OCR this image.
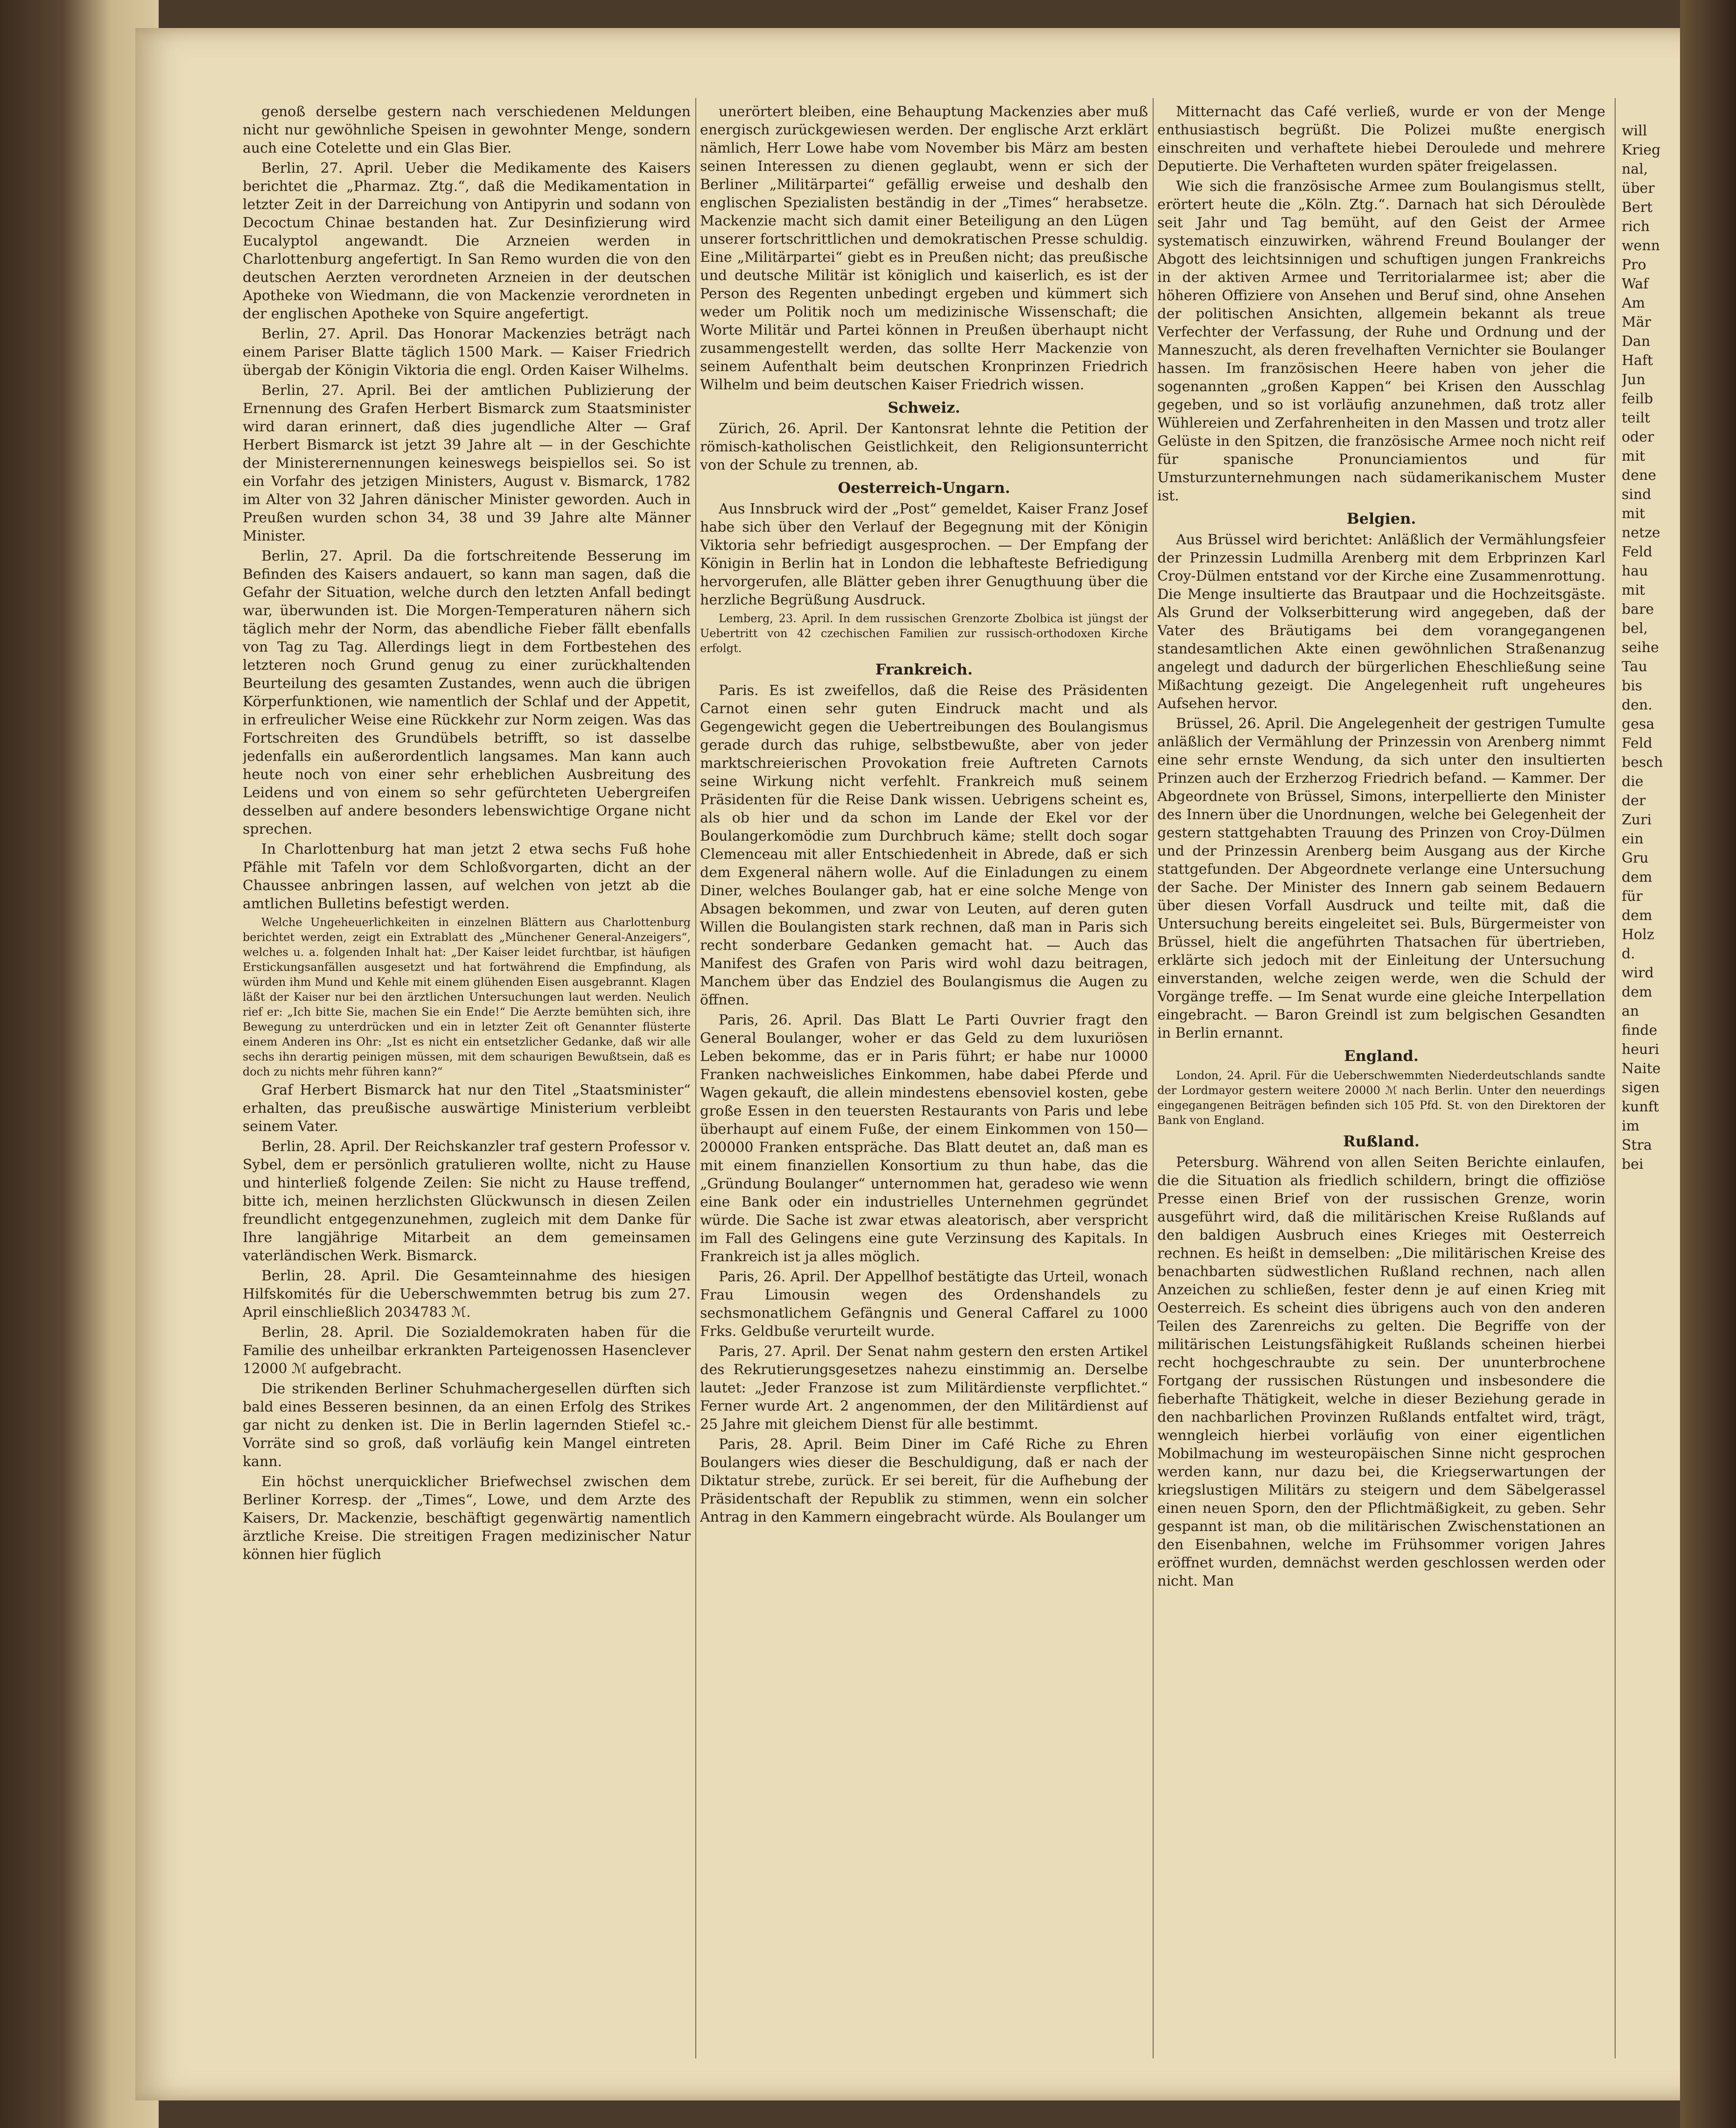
genoß derselbe gestern nach verschiedenen Meldungen nicht nur gewöhnliche Speisen in gewohnter Menge, sondern auch eine Cotelette und ein Glas Bier.

Berlin, 27. April. Ueber die Medikamente des Kaisers berichtet die „Pharmaz. Ztg.“, daß die Medikamentation in letzter Zeit in der Darreichung von Antipyrin und sodann von Decoctum Chinae bestanden hat. Zur Desinfizierung wird Eucalyptol angewandt. Die Arzneien werden in Charlottenburg angefertigt. In San Remo wurden die von den deutschen Aerzten verordneten Arzneien in der deutschen Apotheke von Wiedmann, die von Mackenzie verordneten in der englischen Apotheke von Squire angefertigt.

Berlin, 27. April. Das Honorar Mackenzies beträgt nach einem Pariser Blatte täglich 1500 Mark. — Kaiser Friedrich übergab der Königin Viktoria die engl. Orden Kaiser Wilhelms.

Berlin, 27. April. Bei der amtlichen Publizierung der Ernennung des Grafen Herbert Bismarck zum Staatsminister wird daran erinnert, daß dies jugendliche Alter — Graf Herbert Bismarck ist jetzt 39 Jahre alt — in der Geschichte der Ministerernennungen keineswegs beispiellos sei. So ist ein Vorfahr des jetzigen Ministers, August v. Bismarck, 1782 im Alter von 32 Jahren dänischer Minister geworden. Auch in Preußen wurden schon 34, 38 und 39 Jahre alte Männer Minister.

Berlin, 27. April. Da die fortschreitende Besserung im Befinden des Kaisers andauert, so kann man sagen, daß die Gefahr der Situation, welche durch den letzten Anfall bedingt war, überwunden ist. Die Morgen-Temperaturen nähern sich täglich mehr der Norm, das abendliche Fieber fällt ebenfalls von Tag zu Tag. Allerdings liegt in dem Fortbestehen des letzteren noch Grund genug zu einer zurückhaltenden Beurteilung des gesamten Zustandes, wenn auch die übrigen Körperfunktionen, wie namentlich der Schlaf und der Appetit, in erfreulicher Weise eine Rückkehr zur Norm zeigen. Was das Fortschreiten des Grundübels betrifft, so ist dasselbe jedenfalls ein außerordentlich langsames. Man kann auch heute noch von einer sehr erheblichen Ausbreitung des Leidens und von einem so sehr gefürchteten Uebergreifen desselben auf andere besonders lebenswichtige Organe nicht sprechen.

In Charlottenburg hat man jetzt 2 etwa sechs Fuß hohe Pfähle mit Tafeln vor dem Schloßvorgarten, dicht an der Chaussee anbringen lassen, auf welchen von jetzt ab die amtlichen Bulletins befestigt werden.

Welche Ungeheuerlichkeiten in einzelnen Blättern aus Charlottenburg berichtet werden, zeigt ein Extrablatt des „Münchener General-Anzeigers“, welches u. a. folgenden Inhalt hat: „Der Kaiser leidet furchtbar, ist häufigen Erstickungsanfällen ausgesetzt und hat fortwährend die Empfindung, als würden ihm Mund und Kehle mit einem glühenden Eisen ausgebrannt. Klagen läßt der Kaiser nur bei den ärztlichen Untersuchungen laut werden. Neulich rief er: „Ich bitte Sie, machen Sie ein Ende!“ Die Aerzte bemühten sich, ihre Bewegung zu unterdrücken und ein in letzter Zeit oft Genannter flüsterte einem Anderen ins Ohr: „Ist es nicht ein entsetzlicher Gedanke, daß wir alle sechs ihn derartig peinigen müssen, mit dem schaurigen Bewußtsein, daß es doch zu nichts mehr führen kann?“

Graf Herbert Bismarck hat nur den Titel „Staatsminister“ erhalten, das preußische auswärtige Ministerium verbleibt seinem Vater.

Berlin, 28. April. Der Reichskanzler traf gestern Professor v. Sybel, dem er persönlich gratulieren wollte, nicht zu Hause und hinterließ folgende Zeilen: Sie nicht zu Hause treffend, bitte ich, meinen herzlichsten Glückwunsch in diesen Zeilen freundlicht entgegenzunehmen, zugleich mit dem Danke für Ihre langjährige Mitarbeit an dem gemeinsamen vaterländischen Werk. Bismarck.

Berlin, 28. April. Die Gesamteinnahme des hiesigen Hilfskomités für die Ueberschwemmten betrug bis zum 27. April einschließlich 2034783 ℳ.

Berlin, 28. April. Die Sozialdemokraten haben für die Familie des unheilbar erkrankten Parteigenossen Hasenclever 12000 ℳ aufgebracht.

Die strikenden Berliner Schuhmachergesellen dürften sich bald eines Besseren besinnen, da an einen Erfolg des Strikes gar nicht zu denken ist. Die in Berlin lagernden Stiefel ꝛc.-Vorräte sind so groß, daß vorläufig kein Mangel eintreten kann.

Ein höchst unerquicklicher Briefwechsel zwischen dem Berliner Korresp. der „Times“, Lowe, und dem Arzte des Kaisers, Dr. Mackenzie, beschäftigt gegenwärtig namentlich ärztliche Kreise. Die streitigen Fragen medizinischer Natur können hier füglich

unerörtert bleiben, eine Behauptung Mackenzies aber muß energisch zurückgewiesen werden. Der englische Arzt erklärt nämlich, Herr Lowe habe vom November bis März am besten seinen Interessen zu dienen geglaubt, wenn er sich der Berliner „Militärpartei“ gefällig erweise und deshalb den englischen Spezialisten beständig in der „Times“ herabsetze. Mackenzie macht sich damit einer Beteiligung an den Lügen unserer fortschrittlichen und demokratischen Presse schuldig. Eine „Militärpartei“ giebt es in Preußen nicht; das preußische und deutsche Militär ist königlich und kaiserlich, es ist der Person des Regenten unbedingt ergeben und kümmert sich weder um Politik noch um medizinische Wissenschaft; die Worte Militär und Partei können in Preußen überhaupt nicht zusammengestellt werden, das sollte Herr Mackenzie von seinem Aufenthalt beim deutschen Kronprinzen Friedrich Wilhelm und beim deutschen Kaiser Friedrich wissen.

Schweiz.

Zürich, 26. April. Der Kantonsrat lehnte die Petition der römisch-katholischen Geistlichkeit, den Religionsunterricht von der Schule zu trennen, ab.

Oesterreich-Ungarn.

Aus Innsbruck wird der „Post“ gemeldet, Kaiser Franz Josef habe sich über den Verlauf der Begegnung mit der Königin Viktoria sehr befriedigt ausgesprochen. — Der Empfang der Königin in Berlin hat in London die lebhafteste Befriedigung hervorgerufen, alle Blätter geben ihrer Genugthuung über die herzliche Begrüßung Ausdruck.

Lemberg, 23. April. In dem russischen Grenzorte Zbolbica ist jüngst der Uebertritt von 42 czechischen Familien zur russisch-orthodoxen Kirche erfolgt.

Frankreich.

Paris. Es ist zweifellos, daß die Reise des Präsidenten Carnot einen sehr guten Eindruck macht und als Gegengewicht gegen die Uebertreibungen des Boulangismus gerade durch das ruhige, selbstbewußte, aber von jeder marktschreierischen Provokation freie Auftreten Carnots seine Wirkung nicht verfehlt. Frankreich muß seinem Präsidenten für die Reise Dank wissen. Uebrigens scheint es, als ob hier und da schon im Lande der Ekel vor der Boulangerkomödie zum Durchbruch käme; stellt doch sogar Clemenceau mit aller Entschiedenheit in Abrede, daß er sich dem Exgeneral nähern wolle. Auf die Einladungen zu einem Diner, welches Boulanger gab, hat er eine solche Menge von Absagen bekommen, und zwar von Leuten, auf deren guten Willen die Boulangisten stark rechnen, daß man in Paris sich recht sonderbare Gedanken gemacht hat. — Auch das Manifest des Grafen von Paris wird wohl dazu beitragen, Manchem über das Endziel des Boulangismus die Augen zu öffnen.

Paris, 26. April. Das Blatt Le Parti Ouvrier fragt den General Boulanger, woher er das Geld zu dem luxuriösen Leben bekomme, das er in Paris führt; er habe nur 10000 Franken nachweisliches Einkommen, habe dabei Pferde und Wagen gekauft, die allein mindestens ebensoviel kosten, gebe große Essen in den teuersten Restaurants von Paris und lebe überhaupt auf einem Fuße, der einem Einkommen von 150—200000 Franken entspräche. Das Blatt deutet an, daß man es mit einem finanziellen Konsortium zu thun habe, das die „Gründung Boulanger“ unternommen hat, geradeso wie wenn eine Bank oder ein industrielles Unternehmen gegründet würde. Die Sache ist zwar etwas aleatorisch, aber verspricht im Fall des Gelingens eine gute Verzinsung des Kapitals. In Frankreich ist ja alles möglich.

Paris, 26. April. Der Appellhof bestätigte das Urteil, wonach Frau Limousin wegen des Ordenshandels zu sechsmonatlichem Gefängnis und General Caffarel zu 1000 Frks. Geldbuße verurteilt wurde.

Paris, 27. April. Der Senat nahm gestern den ersten Artikel des Rekrutierungsgesetzes nahezu einstimmig an. Derselbe lautet: „Jeder Franzose ist zum Militärdienste verpflichtet.“ Ferner wurde Art. 2 angenommen, der den Militärdienst auf 25 Jahre mit gleichem Dienst für alle bestimmt.

Paris, 28. April. Beim Diner im Café Riche zu Ehren Boulangers wies dieser die Beschuldigung, daß er nach der Diktatur strebe, zurück. Er sei bereit, für die Aufhebung der Präsidentschaft der Republik zu stimmen, wenn ein solcher Antrag in den Kammern eingebracht würde. Als Boulanger um

Mitternacht das Café verließ, wurde er von der Menge enthusiastisch begrüßt. Die Polizei mußte energisch einschreiten und verhaftete hiebei Deroulede und mehrere Deputierte. Die Verhafteten wurden später freigelassen.

Wie sich die französische Armee zum Boulangismus stellt, erörtert heute die „Köln. Ztg.“. Darnach hat sich Déroulède seit Jahr und Tag bemüht, auf den Geist der Armee systematisch einzuwirken, während Freund Boulanger der Abgott des leichtsinnigen und schuftigen jungen Frankreichs in der aktiven Armee und Territorialarmee ist; aber die höheren Offiziere von Ansehen und Beruf sind, ohne Ansehen der politischen Ansichten, allgemein bekannt als treue Verfechter der Verfassung, der Ruhe und Ordnung und der Manneszucht, als deren frevelhaften Vernichter sie Boulanger hassen. Im französischen Heere haben von jeher die sogenannten „großen Kappen“ bei Krisen den Ausschlag gegeben, und so ist vorläufig anzunehmen, daß trotz aller Wühlereien und Zerfahrenheiten in den Massen und trotz aller Gelüste in den Spitzen, die französische Armee noch nicht reif für spanische Pronunciamientos und für Umsturzunternehmungen nach südamerikanischem Muster ist.

Belgien.

Aus Brüssel wird berichtet: Anläßlich der Vermählungsfeier der Prinzessin Ludmilla Arenberg mit dem Erbprinzen Karl Croy-Dülmen entstand vor der Kirche eine Zusammenrottung. Die Menge insultierte das Brautpaar und die Hochzeitsgäste. Als Grund der Volkserbitterung wird angegeben, daß der Vater des Bräutigams bei dem vorangegangenen standesamtlichen Akte einen gewöhnlichen Straßenanzug angelegt und dadurch der bürgerlichen Eheschließung seine Mißachtung gezeigt. Die Angelegenheit ruft ungeheures Aufsehen hervor.

Brüssel, 26. April. Die Angelegenheit der gestrigen Tumulte anläßlich der Vermählung der Prinzessin von Arenberg nimmt eine sehr ernste Wendung, da sich unter den insultierten Prinzen auch der Erzherzog Friedrich befand. — Kammer. Der Abgeordnete von Brüssel, Simons, interpellierte den Minister des Innern über die Unordnungen, welche bei Gelegenheit der gestern stattgehabten Trauung des Prinzen von Croy-Dülmen und der Prinzessin Arenberg beim Ausgang aus der Kirche stattgefunden. Der Abgeordnete verlange eine Untersuchung der Sache. Der Minister des Innern gab seinem Bedauern über diesen Vorfall Ausdruck und teilte mit, daß die Untersuchung bereits eingeleitet sei. Buls, Bürgermeister von Brüssel, hielt die angeführten Thatsachen für übertrieben, erklärte sich jedoch mit der Einleitung der Untersuchung einverstanden, welche zeigen werde, wen die Schuld der Vorgänge treffe. — Im Senat wurde eine gleiche Interpellation eingebracht. — Baron Greindl ist zum belgischen Gesandten in Berlin ernannt.

England.

London, 24. April. Für die Ueberschwemmten Niederdeutschlands sandte der Lordmayor gestern weitere 20000 ℳ nach Berlin. Unter den neuerdings eingegangenen Beiträgen befinden sich 105 Pfd. St. von den Direktoren der Bank von England.

Rußland.

Petersburg. Während von allen Seiten Berichte einlaufen, die die Situation als friedlich schildern, bringt die offiziöse Presse einen Brief von der russischen Grenze, worin ausgeführt wird, daß die militärischen Kreise Rußlands auf den baldigen Ausbruch eines Krieges mit Oesterreich rechnen. Es heißt in demselben: „Die militärischen Kreise des benachbarten südwestlichen Rußland rechnen, nach allen Anzeichen zu schließen, fester denn je auf einen Krieg mit Oesterreich. Es scheint dies übrigens auch von den anderen Teilen des Zarenreichs zu gelten. Die Begriffe von der militärischen Leistungsfähigkeit Rußlands scheinen hierbei recht hochgeschraubte zu sein. Der ununterbrochene Fortgang der russischen Rüstungen und insbesondere die fieberhafte Thätigkeit, welche in dieser Beziehung gerade in den nachbarlichen Provinzen Rußlands entfaltet wird, trägt, wenngleich hierbei vorläufig von einer eigentlichen Mobilmachung im westeuropäischen Sinne nicht gesprochen werden kann, nur dazu bei, die Kriegserwartungen der kriegslustigen Militärs zu steigern und dem Säbelgerassel einen neuen Sporn, den der Pflichtmäßigkeit, zu geben. Sehr gespannt ist man, ob die militärischen Zwischenstationen an den Eisenbahnen, welche im Frühsommer vorigen Jahres eröffnet wurden, demnächst werden geschlossen werden oder nicht. Man

will
Krieg
nal,
über
Bert
rich
wenn
Pro
Waf
Am
Mär
Dan
Haft
Jun
feilb
teilt
oder
mit
dene
sind
mit
netze
Feld
hau
mit
bare
bel,
seihe
Tau
bis
den.
gesa
Feld
besch
die
der
Zuri
ein
Gru
dem
für
dem
Holz
d.
wird
dem
an
finde
heuri
Naite
sigen
kunft
im
Stra
bei
